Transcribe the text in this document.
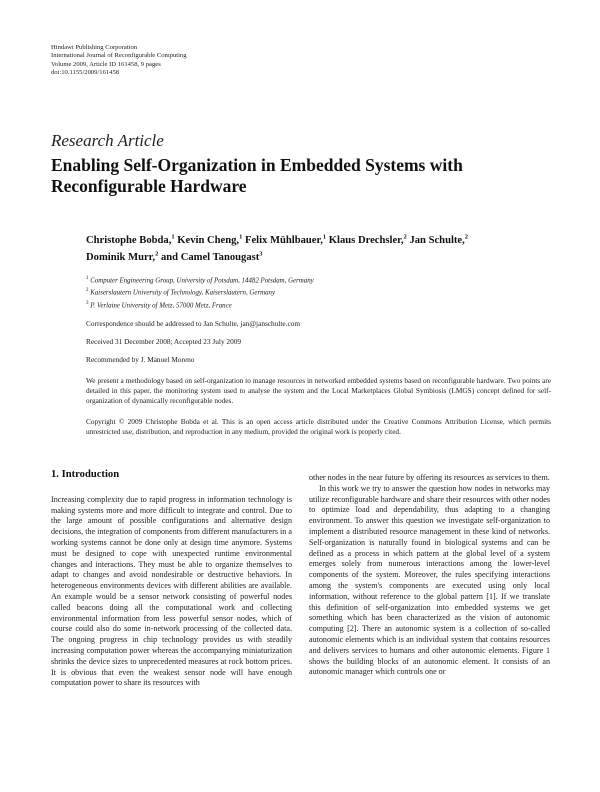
Hindawi Publishing Corporation
International Journal of Reconfigurable Computing
Volume 2009, Article ID 161458, 9 pages
doi:10.1155/2009/161458
Research Article
Enabling Self-Organization in Embedded Systems with Reconfigurable Hardware

Christophe Bobda,$^1$ Kevin Cheng,$^1$ Felix Mühlbauer,$^1$ Klaus Drechsler,$^2$ Jan Schulte,$^2$
Dominik Murr,$^2$ and Camel Tanougast$^3$

$^1$ Computer Engineering Group, University of Potsdam, 14482 Potsdam, Germany
$^2$ Kaiserslautern University of Technology, Kaiserslautern, Germany
$^3$ P. Verlaine University of Metz, 57000 Metz, France
Correspondence should be addressed to Jan Schulte, jan@janschulte.com
Received 31 December 2008; Accepted 23 July 2009
Recommended by J. Manuel Moreno
We present a methodology based on self-organization to manage resources in networked embedded systems based on reconfigurable hardware. Two points are detailed in this paper, the monitoring system used to analyse the system and the Local Marketplaces Global Symbiosis (LMGS) concept defined for self-organization of dynamically reconfigurable nodes.
Copyright © 2009 Christophe Bobda et al. This is an open access article distributed under the Creative Commons Attribution License, which permits unrestricted use, distribution, and reproduction in any medium, provided the original work is properly cited.
1. Introduction

Increasing complexity due to rapid progress in information technology is making systems more and more difficult to integrate and control. Due to the large amount of possible configurations and alternative design decisions, the integration of components from different manufacturers in a working systems cannot be done only at design time anymore. Systems must be designed to cope with unexpected runtime environmental changes and interactions. They must be able to organize themselves to adapt to changes and avoid nondesirable or destructive behaviors. In heterogeneous environments devices with different abilities are available. An example would be a sensor network consisting of powerful nodes called beacons doing all the computational work and collecting environmental information from less powerful sensor nodes, which of course could also do some in-network processing of the collected data. The ongoing progress in chip technology provides us with steadily increasing computation power whereas the accompanying miniaturization shrinks the device sizes to unprecedented measures at rock bottom prices. It is obvious that even the weakest sensor node will have enough computation power to share its resources with

other nodes in the near future by offering its resources as services to them.

In this work we try to answer the question how nodes in networks may utilize reconfigurable hardware and share their resources with other nodes to optimize load and dependability, thus adapting to a changing environment. To answer this question we investigate self-organization to implement a distributed resource management in these kind of networks. Self-organization is naturally found in biological systems and can be defined as a process in which pattern at the global level of a system emerges solely from numerous interactions among the lower-level components of the system. Moreover, the rules specifying interactions among the system's components are executed using only local information, without reference to the global pattern [1]. If we translate this definition of self-organization into embedded systems we get something which has been characterized as the vision of autonomic computing [2]. There an autonomic system is a collection of so-called autonomic elements which is an individual system that contains resources and delivers services to humans and other autonomic elements. Figure 1 shows the building blocks of an autonomic element. It consists of an autonomic manager which controls one or
